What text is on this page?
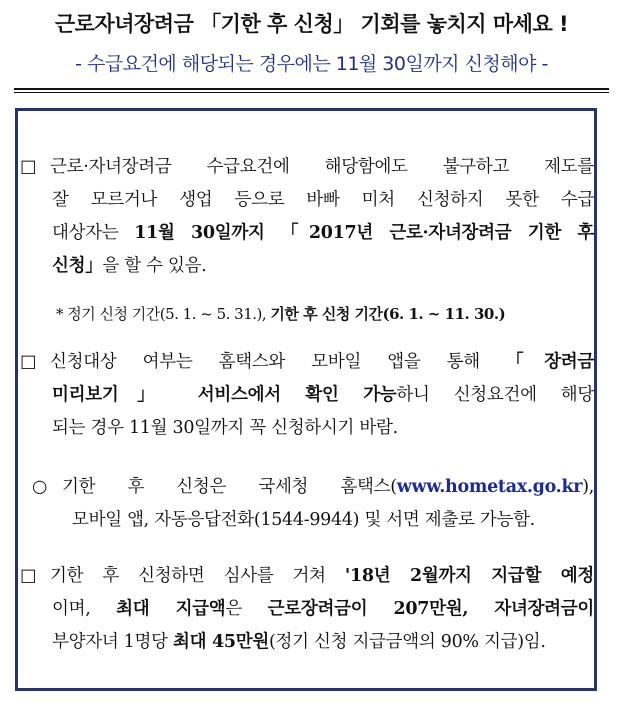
근로자녀장려금 「기한 후 신청」 기회를 놓치지 마세요 !
- 수급요건에 해당되는 경우에는 11월 30일까지 신청해야 -
□ 근로·자녀장려금 수급요건에 해당함에도 불구하고 제도를
잘 모르거나 생업 등으로 바빠 미처 신청하지 못한 수급
대상자는 11월 30일까지 「2017년 근로·자녀장려금 기한 후
신청」을 할 수 있음.
* 정기 신청 기간(5. 1. ~ 5. 31.), 기한 후 신청 기간(6. 1. ~ 11. 30.)
□ 신청대상 여부는 홈택스와 모바일 앱을 통해 「장려금
미리보기」 서비스에서 확인 가능하니 신청요건에 해당
되는 경우 11월 30일까지 꼭 신청하시기 바람.
○ 기한 후 신청은 국세청 홈택스(www.hometax.go.kr),
모바일 앱, 자동응답전화(1544-9944) 및 서면 제출로 가능함.
□ 기한 후 신청하면 심사를 거쳐 '18년 2월까지 지급할 예정
이며, 최대 지급액은 근로장려금이 207만원, 자녀장려금이
부양자녀 1명당 최대 45만원(정기 신청 지급금액의 90% 지급)임.
